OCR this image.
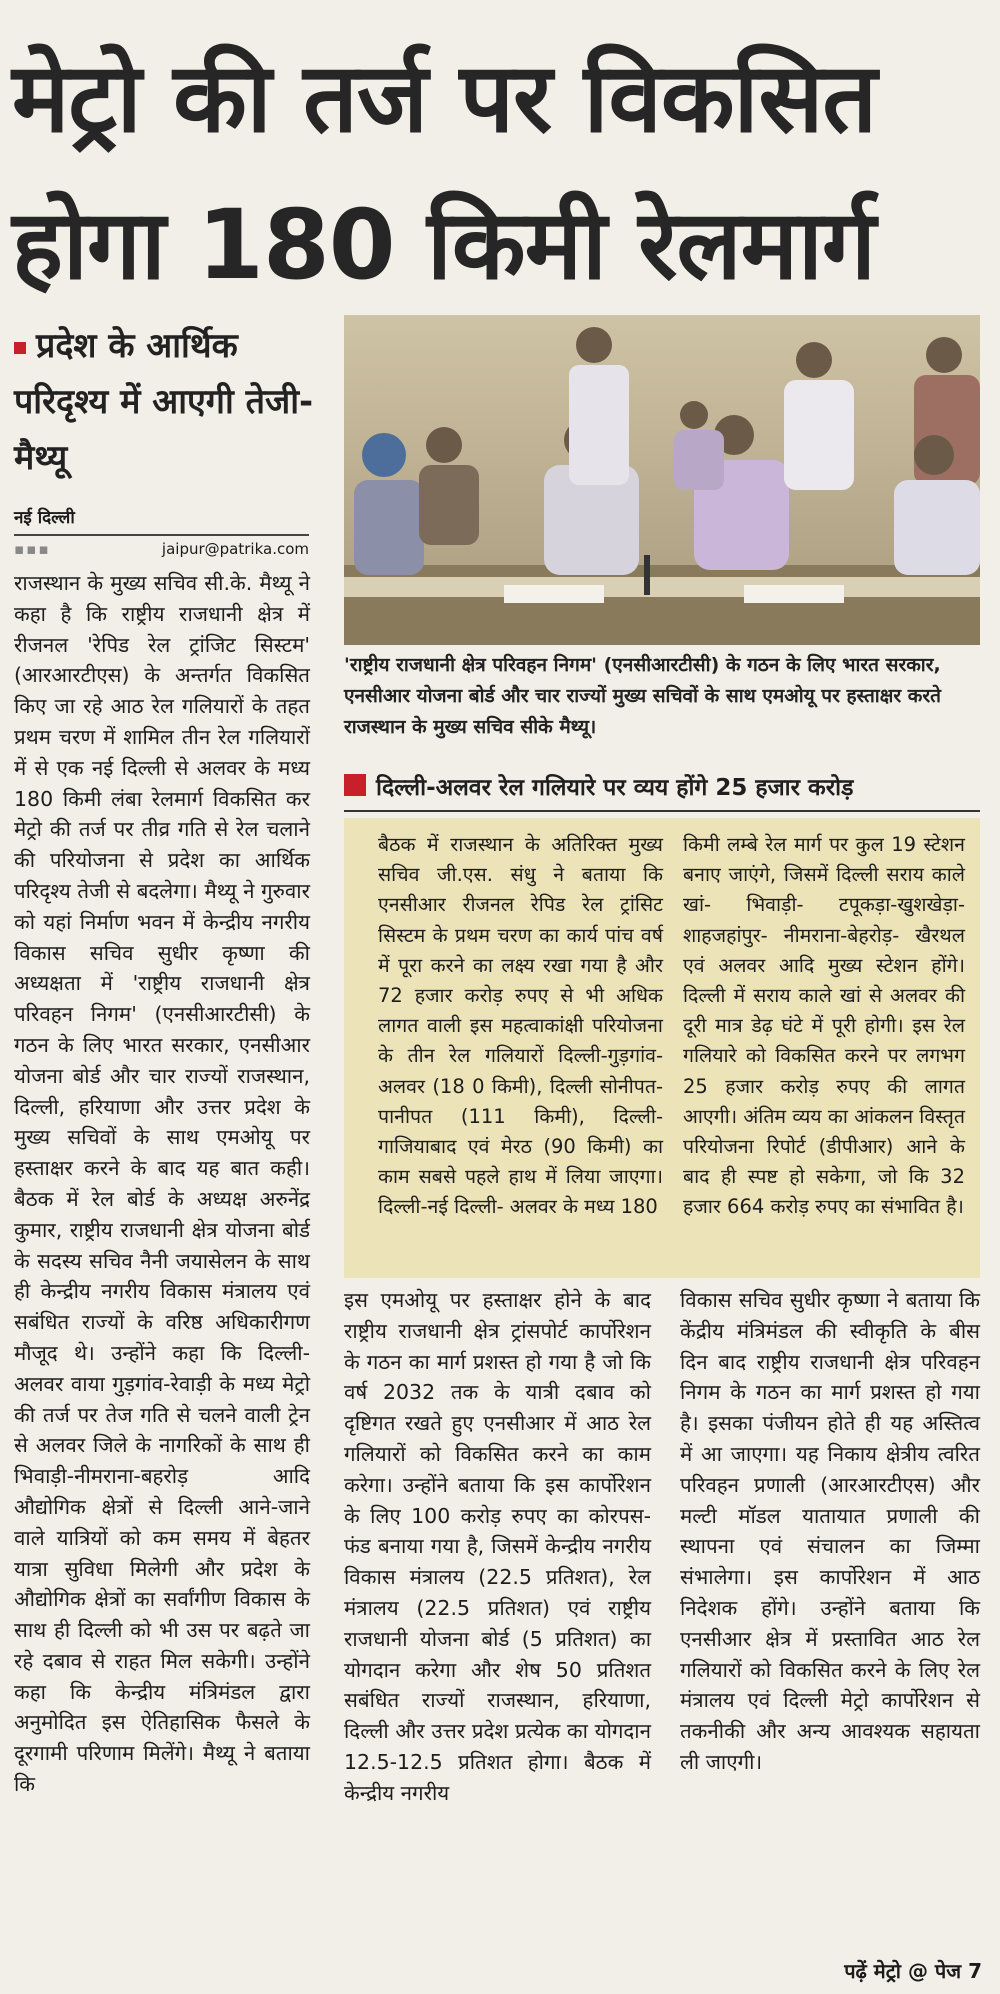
मेट्रो की तर्ज पर विकसित
होगा 180 किमी रेलमार्ग
प्रदेश के आर्थिक परिदृश्य में आएगी तेजी- मैथ्यू
नई दिल्ली
▪▪▪	jaipur@patrika.com
राजस्थान के मुख्य सचिव सी.के. मैथ्यू ने कहा है कि राष्ट्रीय राजधानी क्षेत्र में रीजनल 'रेपिड रेल ट्रांजिट सिस्टम' (आरआरटीएस) के अन्तर्गत विकसित किए जा रहे आठ रेल गलियारों के तहत प्रथम चरण में शामिल तीन रेल गलियारों में से एक नई दिल्ली से अलवर के मध्य 180 किमी लंबा रेलमार्ग विकसित कर मेट्रो की तर्ज पर तीव्र गति से रेल चलाने की परियोजना से प्रदेश का आर्थिक परिदृश्य तेजी से बदलेगा। मैथ्यू ने गुरुवार को यहां निर्माण भवन में केन्द्रीय नगरीय विकास सचिव सुधीर कृष्णा की अध्यक्षता में 'राष्ट्रीय राजधानी क्षेत्र परिवहन निगम' (एनसीआरटीसी) के गठन के लिए भारत सरकार, एनसीआर योजना बोर्ड और चार राज्यों राजस्थान, दिल्ली, हरियाणा और उत्तर प्रदेश के मुख्य सचिवों के साथ एमओयू पर हस्ताक्षर करने के बाद यह बात कही। बैठक में रेल बोर्ड के अध्यक्ष अरुनेंद्र कुमार, राष्ट्रीय राजधानी क्षेत्र योजना बोर्ड के सदस्य सचिव नैनी जयासेलन के साथ ही केन्द्रीय नगरीय विकास मंत्रालय एवं सबंधित राज्यों के वरिष्ठ अधिकारीगण मौजूद थे। उन्होंने कहा कि दिल्ली-अलवर वाया गुड़गांव-रेवाड़ी के मध्य मेट्रो की तर्ज पर तेज गति से चलने वाली ट्रेन से अलवर जिले के नागरिकों के साथ ही भिवाड़ी-नीमराना-बहरोड़ आदि औद्योगिक क्षेत्रों से दिल्ली आने-जाने वाले यात्रियों को कम समय में बेहतर यात्रा सुविधा मिलेगी और प्रदेश के औद्योगिक क्षेत्रों का सर्वांगीण विकास के साथ ही दिल्ली को भी उस पर बढ़ते जा रहे दबाव से राहत मिल सकेगी। उन्होंने कहा कि केन्द्रीय मंत्रिमंडल द्वारा अनुमोदित इस ऐतिहासिक फैसले के दूरगामी परिणाम मिलेंगे। मैथ्यू ने बताया कि
'राष्ट्रीय राजधानी क्षेत्र परिवहन निगम' (एनसीआरटीसी) के गठन के लिए भारत सरकार, एनसीआर योजना बोर्ड और चार राज्यों मुख्य सचिवों के साथ एमओयू पर हस्ताक्षर करते राजस्थान के मुख्य सचिव सीके मैथ्यू।
दिल्ली-अलवर रेल गलियारे पर व्यय होंगे 25 हजार करोड़
बैठक में राजस्थान के अतिरिक्त मुख्य सचिव जी.एस. संधु ने बताया कि एनसीआर रीजनल रेपिड रेल ट्रांसिट सिस्टम के प्रथम चरण का कार्य पांच वर्ष में पूरा करने का लक्ष्य रखा गया है और 72 हजार करोड़ रुपए से भी अधिक लागत वाली इस महत्वाकांक्षी परियोजना के तीन रेल गलियारों दिल्ली-गुड़गांव-अलवर (18 0 किमी), दिल्ली सोनीपत-पानीपत (111 किमी), दिल्ली-गाजियाबाद एवं मेरठ (90 किमी) का काम सबसे पहले हाथ में लिया जाएगा। दिल्ली-नई दिल्ली- अलवर के मध्य 180
किमी लम्बे रेल मार्ग पर कुल 19 स्टेशन बनाए जाएंगे, जिसमें दिल्ली सराय काले खां- भिवाड़ी- टपूकड़ा-खुशखेड़ा- शाहजहांपुर- नीमराना-बेहरोड़- खैरथल एवं अलवर आदि मुख्य स्टेशन होंगे। दिल्ली में सराय काले खां से अलवर की दूरी मात्र डेढ़ घंटे में पूरी होगी। इस रेल गलियारे को विकसित करने पर लगभग 25 हजार करोड़ रुपए की लागत आएगी। अंतिम व्यय का आंकलन विस्तृत परियोजना रिपोर्ट (डीपीआर) आने के बाद ही स्पष्ट हो सकेगा, जो कि 32 हजार 664 करोड़ रुपए का संभावित है।
इस एमओयू पर हस्ताक्षर होने के बाद राष्ट्रीय राजधानी क्षेत्र ट्रांसपोर्ट कार्पोरेशन के गठन का मार्ग प्रशस्त हो गया है जो कि वर्ष 2032 तक के यात्री दबाव को दृष्टिगत रखते हुए एनसीआर में आठ रेल गलियारों को विकसित करने का काम करेगा। उन्होंने बताया कि इस कार्पोरेशन के लिए 100 करोड़ रुपए का कोरपस-फंड बनाया गया है, जिसमें केन्द्रीय नगरीय विकास मंत्रालय (22.5 प्रतिशत), रेल मंत्रालय (22.5 प्रतिशत) एवं राष्ट्रीय राजधानी योजना बोर्ड (5 प्रतिशत) का योगदान करेगा और शेष 50 प्रतिशत सबंधित राज्यों राजस्थान, हरियाणा, दिल्ली और उत्तर प्रदेश प्रत्येक का योगदान 12.5-12.5 प्रतिशत होगा। बैठक में केन्द्रीय नगरीय
विकास सचिव सुधीर कृष्णा ने बताया कि केंद्रीय मंत्रिमंडल की स्वीकृति के बीस दिन बाद राष्ट्रीय राजधानी क्षेत्र परिवहन निगम के गठन का मार्ग प्रशस्त हो गया है। इसका पंजीयन होते ही यह अस्तित्व में आ जाएगा। यह निकाय क्षेत्रीय त्वरित परिवहन प्रणाली (आरआरटीएस) और मल्टी मॉडल यातायात प्रणाली की स्थापना एवं संचालन का जिम्मा संभालेगा। इस कार्पोरेशन में आठ निदेशक होंगे। उन्होंने बताया कि एनसीआर क्षेत्र में प्रस्तावित आठ रेल गलियारों को विकसित करने के लिए रेल मंत्रालय एवं दिल्ली मेट्रो कार्पोरेशन से तकनीकी और अन्य आवश्यक सहायता ली जाएगी।
पढ़ें मेट्रो @ पेज 7
